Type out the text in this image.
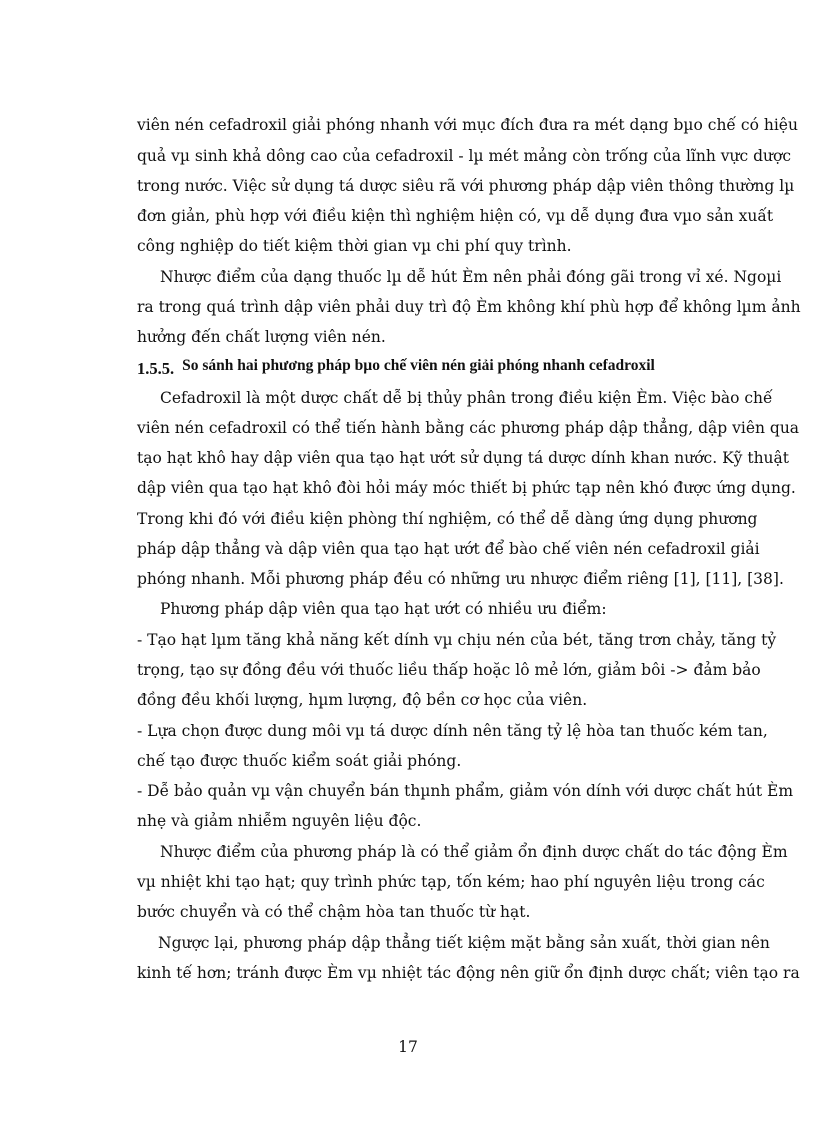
viên nén cefadroxil giải phóng nhanh với mục đích đưa ra mét dạng bµo chế có hiệu
quả vµ sinh khả dông cao của cefadroxil - lµ mét mảng còn trống của lĩnh vực dược
trong nước. Việc sử dụng tá dược siêu rã với phương pháp dập viên thông thường lµ
đơn giản, phù hợp với điều kiện thì nghiệm hiện có, vµ dễ dụng đưa vµo sản xuất
công nghiệp do tiết kiệm thời gian vµ chi phí quy trình.
Nhược điểm của dạng thuốc lµ dễ hút Èm nên phải đóng gãi trong vỉ xé. Ngoµi
ra trong quá trình dập viên phải duy trì độ Èm không khí phù hợp để không lµm ảnh
hưởng đến chất lượng viên nén.
1.5.5. So sánh hai phương pháp bµo chế viên nén giải phóng nhanh cefadroxil
Cefadroxil là một dược chất dễ bị thủy phân trong điều kiện Èm. Việc bào chế
viên nén cefadroxil có thể tiến hành bằng các phương pháp dập thẳng, dập viên qua
tạo hạt khô hay dập viên qua tạo hạt ướt sử dụng tá dược dính khan nước. Kỹ thuật
dập viên qua tạo hạt khô đòi hỏi máy móc thiết bị phức tạp nên khó được ứng dụng.
Trong khi đó với điều kiện phòng thí nghiệm, có thể dễ dàng ứng dụng phương
pháp dập thẳng và dập viên qua tạo hạt ướt để bào chế viên nén cefadroxil giải
phóng nhanh. Mỗi phương pháp đều có những ưu nhược điểm riêng [1], [11], [38].
Phương pháp dập viên qua tạo hạt ướt có nhiều ưu điểm:
- Tạo hạt lµm tăng khả năng kết dính vµ chịu nén của bét, tăng trơn chảy, tăng tỷ
trọng, tạo sự đồng đều với thuốc liều thấp hoặc lô mẻ lớn, giảm bôi -> đảm bảo
đồng đều khối lượng, hµm lượng, độ bền cơ học của viên.
- Lựa chọn được dung môi vµ tá dược dính nên tăng tỷ lệ hòa tan thuốc kém tan,
chế tạo được thuốc kiểm soát giải phóng.
- Dễ bảo quản vµ vận chuyển bán thµnh phẩm, giảm vón dính với dược chất hút Èm
nhẹ và giảm nhiễm nguyên liệu độc.
Nhược điểm của phương pháp là có thể giảm ổn định dược chất do tác động Èm
vµ nhiệt khi tạo hạt; quy trình phức tạp, tốn kém; hao phí nguyên liệu trong các
bước chuyển và có thể chậm hòa tan thuốc từ hạt.
Ngược lại, phương pháp dập thẳng tiết kiệm mặt bằng sản xuất, thời gian nên
kinh tế hơn; tránh được Èm vµ nhiệt tác động nên giữ ổn định dược chất; viên tạo ra
17
